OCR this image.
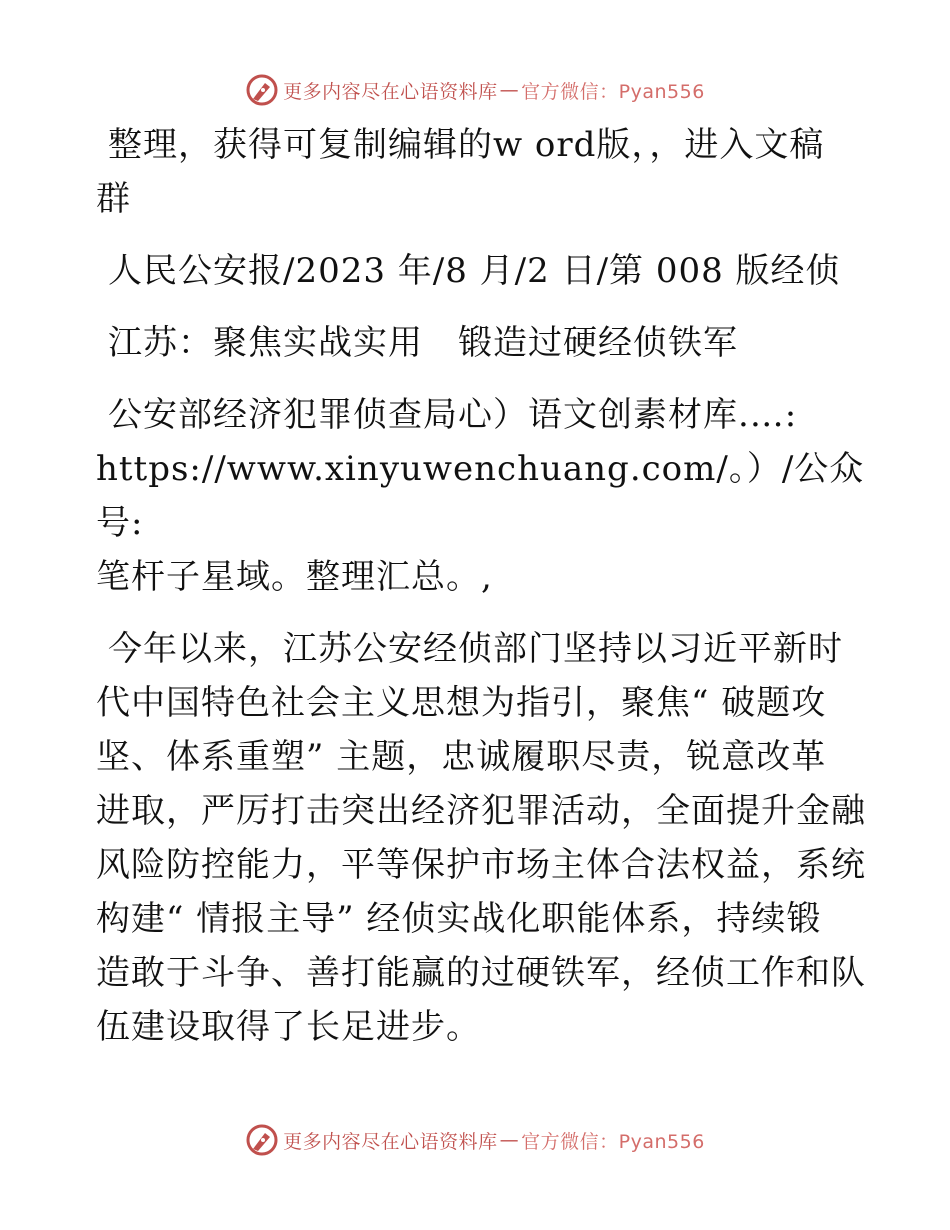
更多内容尽在心语资料库 — 官方微信：Pyan556

整理，获得可复制编辑的w ord版，，进入文稿

群

人民公安报/2023 年/8 月/2 日/第 008 版经侦

江苏：聚焦实战实用　锻造过硬经侦铁军

公安部经济犯罪侦查局心）语文创素材库.…:

https://www.xinyuwenchuang.com/。）/公众号:

笔杆子星域。整理汇总。,

今年以来，江苏公安经侦部门坚持以习近平新时

代中国特色社会主义思想为指引，聚焦“ 破题攻

坚、体系重塑” 主题，忠诚履职尽责，锐意改革

进取，严厉打击突出经济犯罪活动，全面提升金融

风险防控能力，平等保护市场主体合法权益，系统

构建“ 情报主导” 经侦实战化职能体系，持续锻

造敢于斗争、善打能赢的过硬铁军，经侦工作和队

伍建设取得了长足进步。

更多内容尽在心语资料库 — 官方微信：Pyan556
